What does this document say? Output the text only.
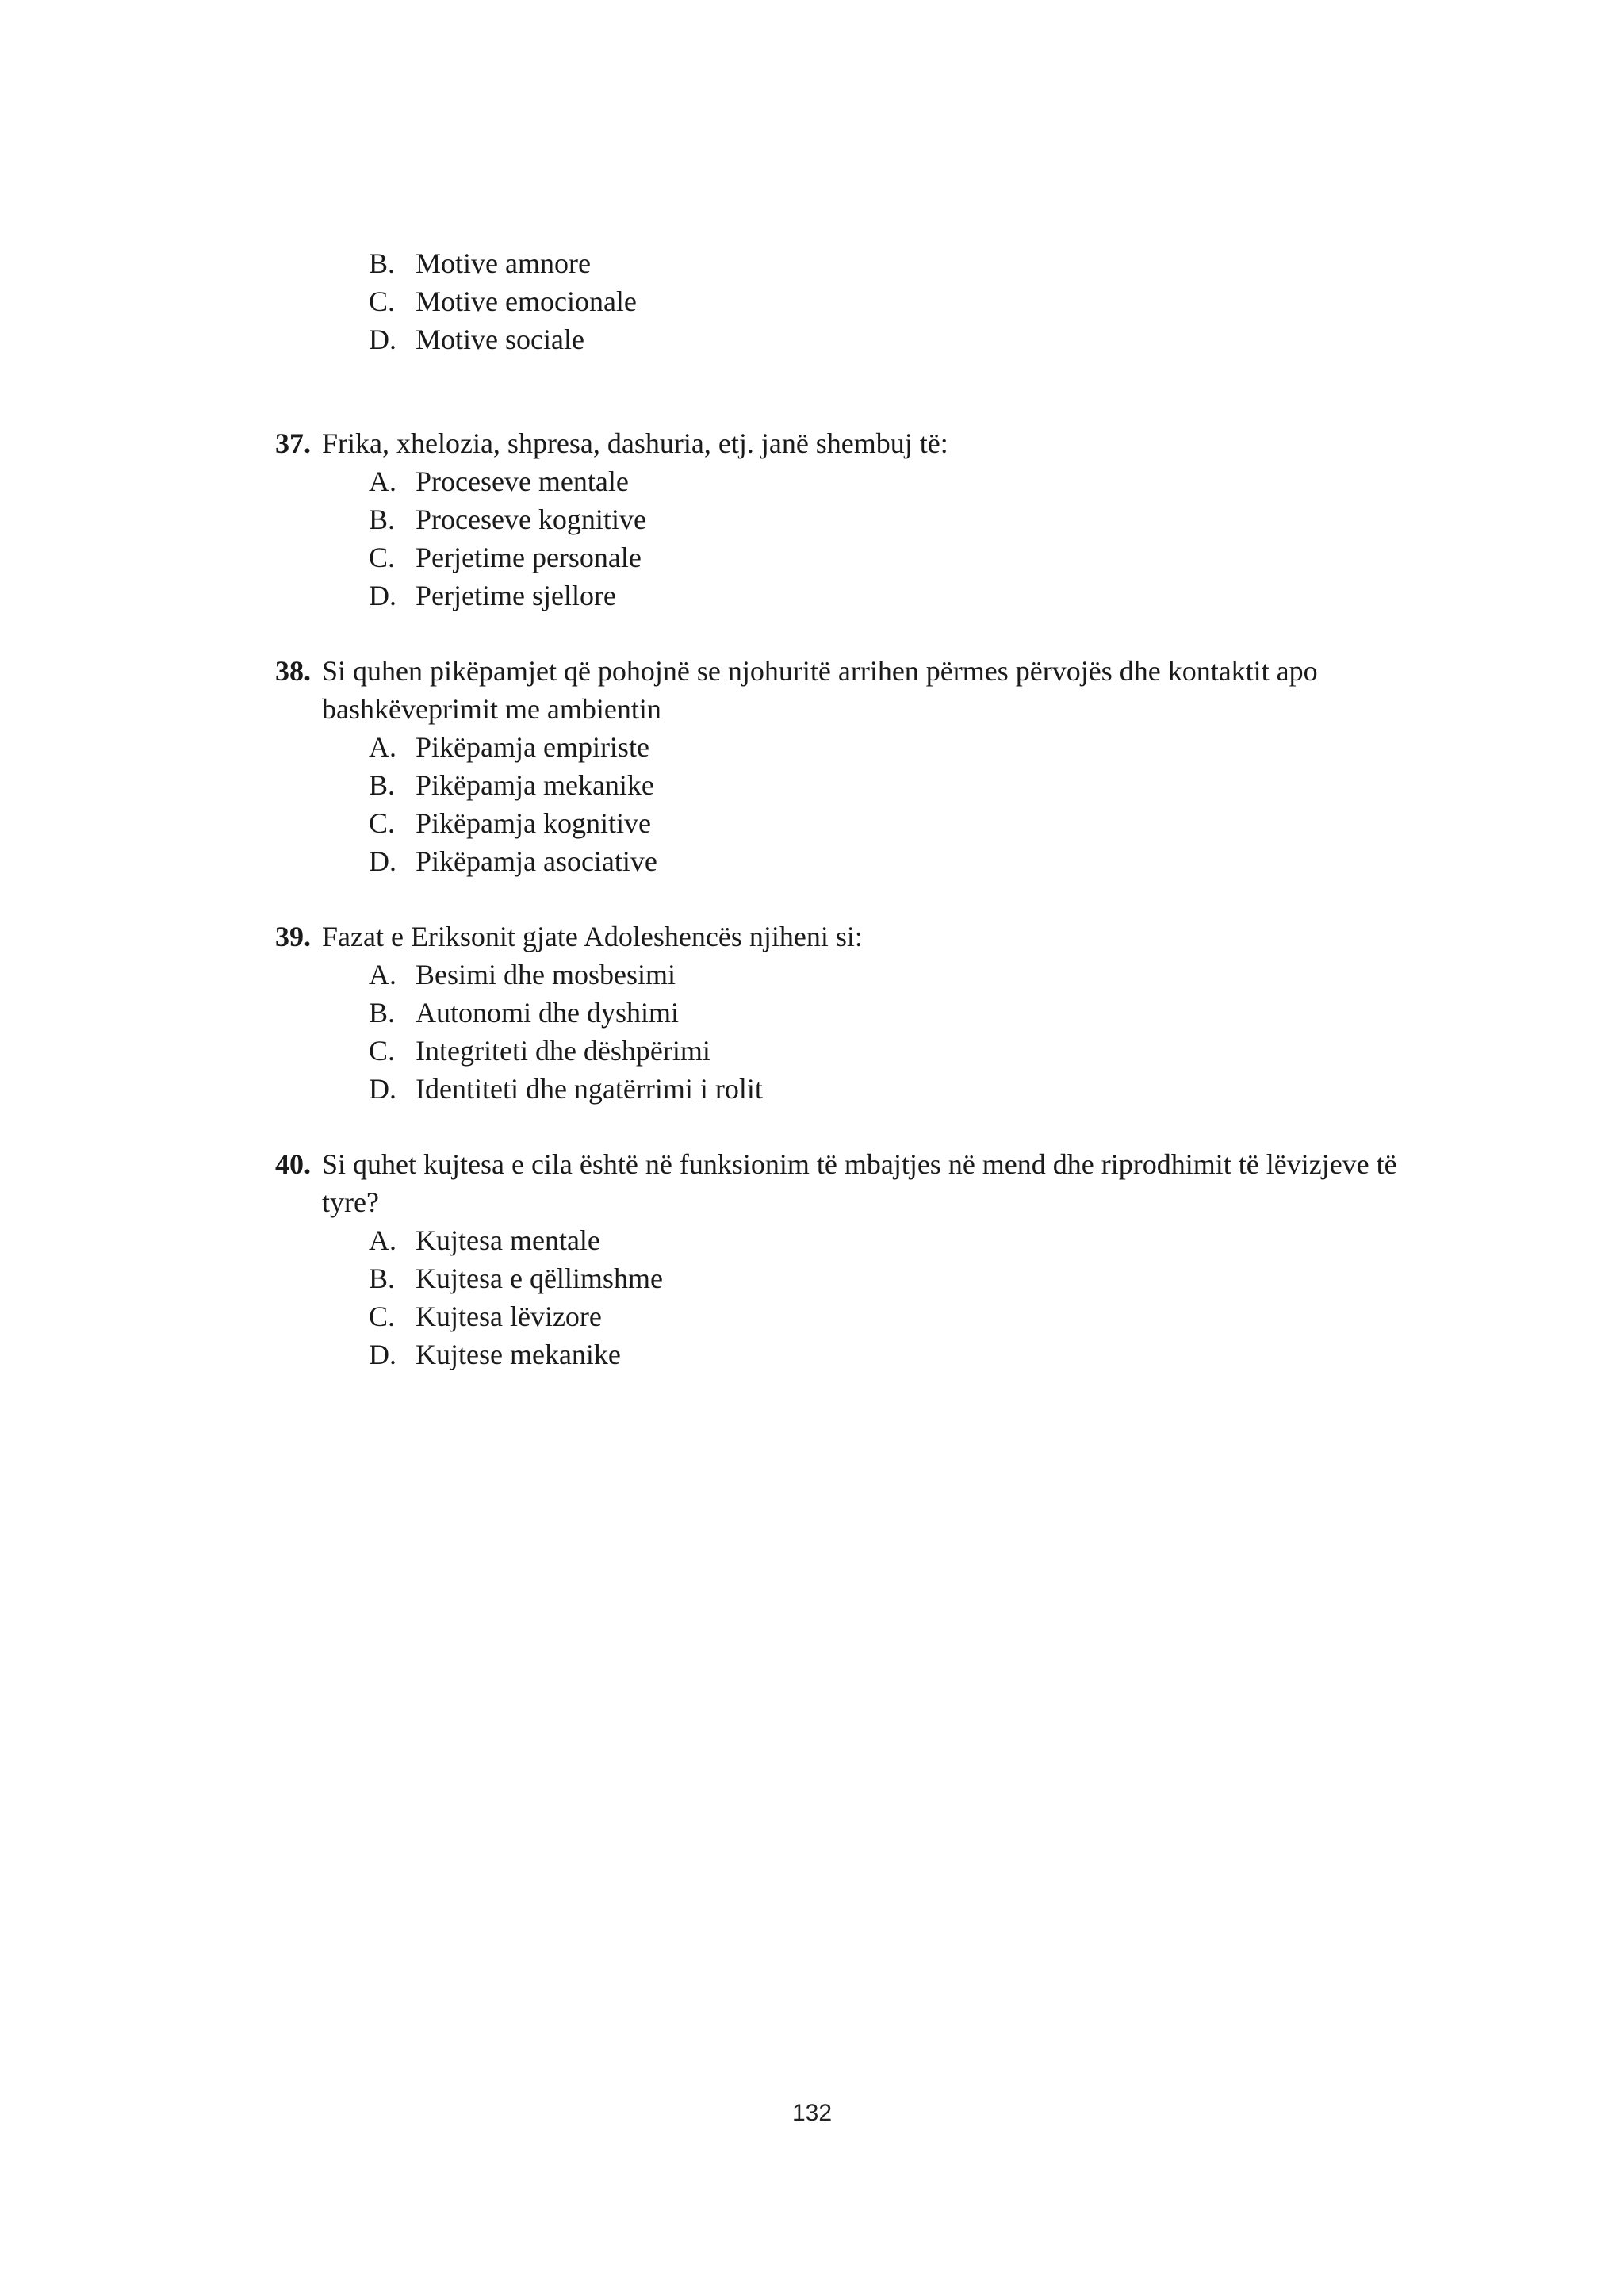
B. Motive amnore
C. Motive emocionale
D. Motive sociale
37. Frika, xhelozia, shpresa, dashuria, etj. janë shembuj të:
A. Proceseve mentale
B. Proceseve kognitive
C. Perjetime personale
D. Perjetime sjellore
38. Si quhen pikëpamjet që pohojnë se njohuritë arrihen përmes përvojës dhe kontaktit apo
bashkëveprimit me ambientin
A. Pikëpamja empiriste
B. Pikëpamja mekanike
C. Pikëpamja kognitive
D. Pikëpamja asociative
39. Fazat e Eriksonit gjate Adoleshencës njiheni si:
A. Besimi dhe mosbesimi
B. Autonomi dhe dyshimi
C. Integriteti dhe dëshpërimi
D. Identiteti dhe ngatërrimi i rolit
40. Si quhet kujtesa e cila është në funksionim të mbajtjes në mend dhe riprodhimit të lëvizjeve të
tyre?
A. Kujtesa mentale
B. Kujtesa e qëllimshme
C. Kujtesa lëvizore
D. Kujtese mekanike
132
